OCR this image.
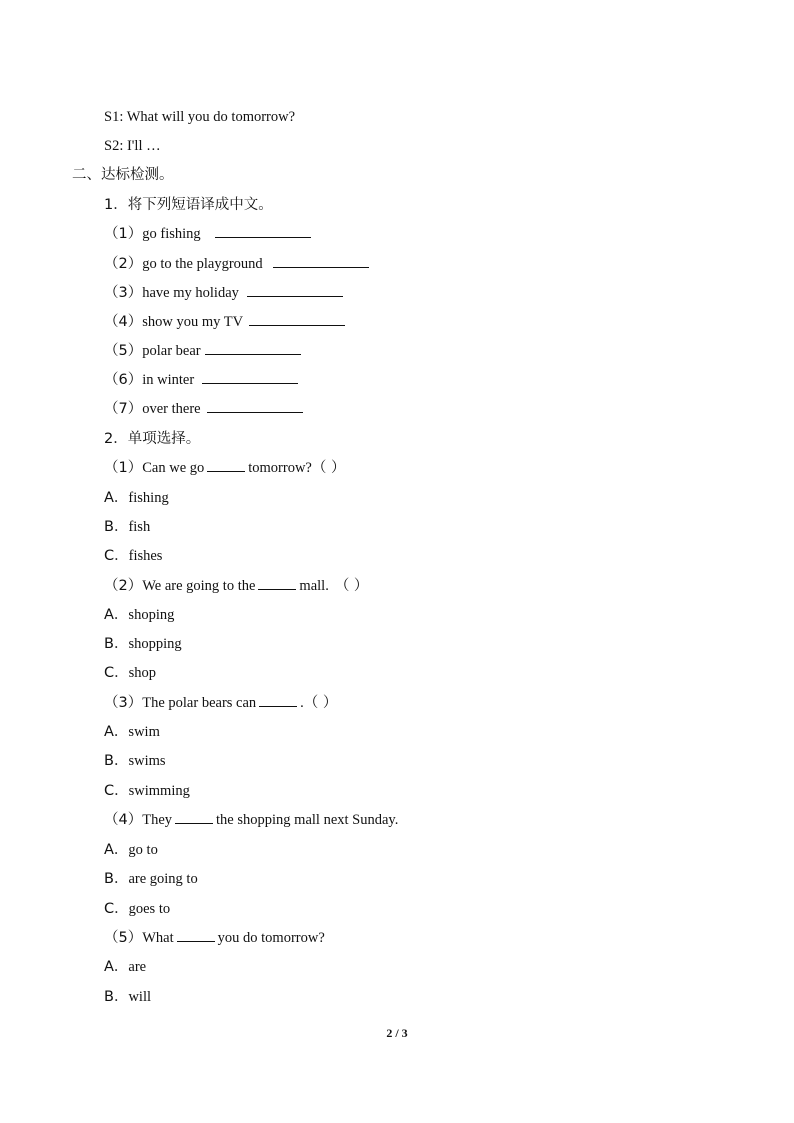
S1: What will you do tomorrow?
S2: I'll …
二、达标检测。
1．将下列短语译成中文。
（1）go fishing
（2）go to the playground
（3）have my holiday
（4）show you my TV
（5）polar bear
（6）in winter
（7）over there
2．单项选择。
（1）Can we go	tomorrow?（ ）
A．fishing
B．fish
C．fishes
（2）We are going to the	mall. （ ）
A．shoping
B．shopping
C．shop
（3）The polar bears can	.（ ）
A．swim
B．swims
C．swimming
（4）They	the shopping mall next Sunday.
A．go to
B．are going to
C．goes to
（5）What	you do tomorrow?
A．are
B．will
2 / 3
